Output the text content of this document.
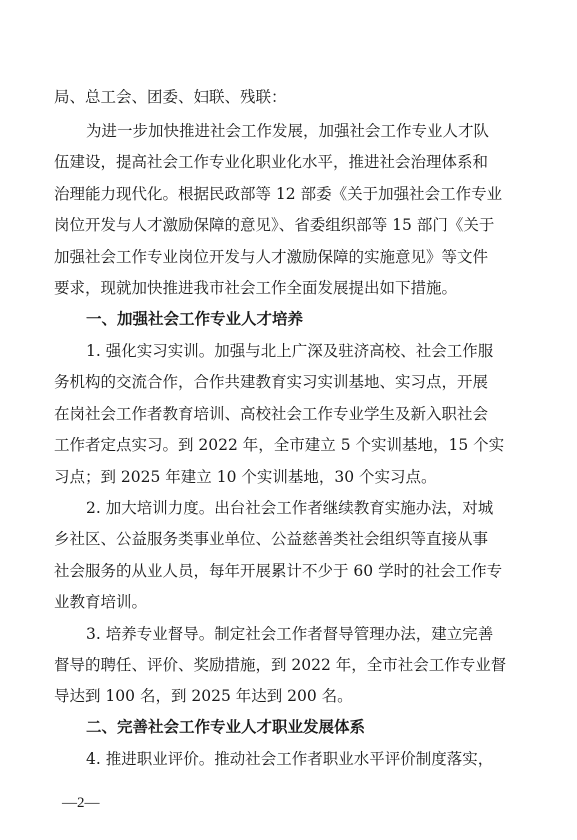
局、总工会、团委、妇联、残联：
为进一步加快推进社会工作发展，加强社会工作专业人才队
伍建设，提高社会工作专业化职业化水平，推进社会治理体系和
治理能力现代化。根据民政部等 12 部委《关于加强社会工作专业
岗位开发与人才激励保障的意见》、省委组织部等 15 部门《关于
加强社会工作专业岗位开发与人才激励保障的实施意见》等文件
要求，现就加快推进我市社会工作全面发展提出如下措施。
一、加强社会工作专业人才培养
1. 强化实习实训。加强与北上广深及驻济高校、社会工作服
务机构的交流合作，合作共建教育实习实训基地、实习点，开展
在岗社会工作者教育培训、高校社会工作专业学生及新入职社会
工作者定点实习。到 2022 年，全市建立 5 个实训基地，15 个实
习点；到 2025 年建立 10 个实训基地，30 个实习点。
2. 加大培训力度。出台社会工作者继续教育实施办法，对城
乡社区、公益服务类事业单位、公益慈善类社会组织等直接从事
社会服务的从业人员，每年开展累计不少于 60 学时的社会工作专
业教育培训。
3. 培养专业督导。制定社会工作者督导管理办法，建立完善
督导的聘任、评价、奖励措施，到 2022 年，全市社会工作专业督
导达到 100 名，到 2025 年达到 200 名。
二、完善社会工作专业人才职业发展体系
4. 推进职业评价。推动社会工作者职业水平评价制度落实，
—2—
